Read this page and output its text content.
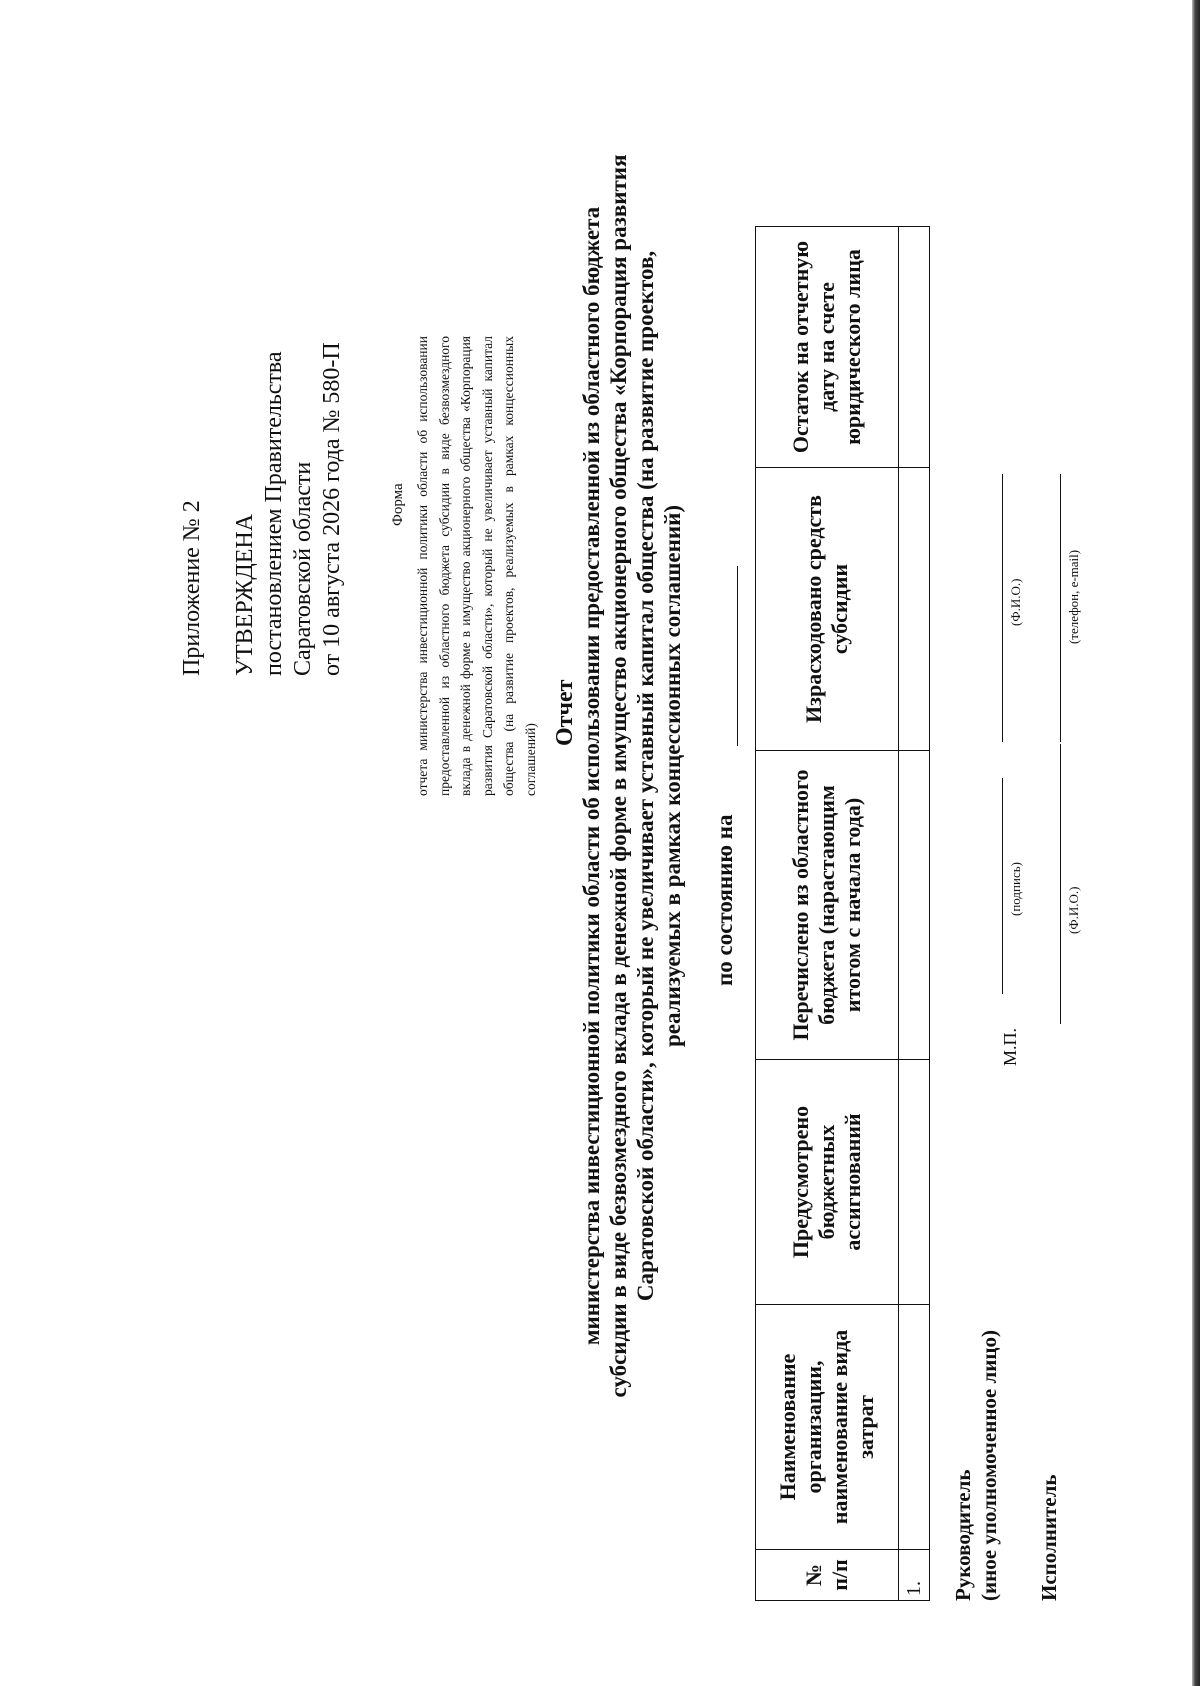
Приложение № 2 УТВЕРЖДЕНА постановлением Правительства Саратовской области от 10 августа 2026 года № 580-П	Форма отчета министерства инвестиционной политики области об использовании предоставленной из областного бюджета субсидии в виде безвозмездного вклада в денежной форме в имущество акционерного общества «Корпорация развития Саратовской области», который не увеличивает уставный капитал общества (на развитие проектов, реализуемых в рамках концессионных соглашений)
Отчет министерства инвестиционной политики области об использовании предоставленной из областного бюджета субсидии в виде безвозмездного вклада в денежной форме в имущество акционерного общества «Корпорация развития Саратовской области», который не увеличивает уставный капитал общества (на развитие проектов, реализуемых в рамках концессионных соглашений) по состоянию на
№ п/п	Наименование организации, наименование вида затрат	Предусмотрено бюджетных ассигнований	Перечислено из областного бюджета (нарастающим итогом с начала года)	Израсходовано средств субсидии	Остаток на отчетную дату на счете юридического лица
1.					Руководитель (иное уполномоченное лицо)
М.П.
(подпись)
(Ф.И.О.)
Исполнитель
(Ф.И.О.)
(телефон, e-mail)
